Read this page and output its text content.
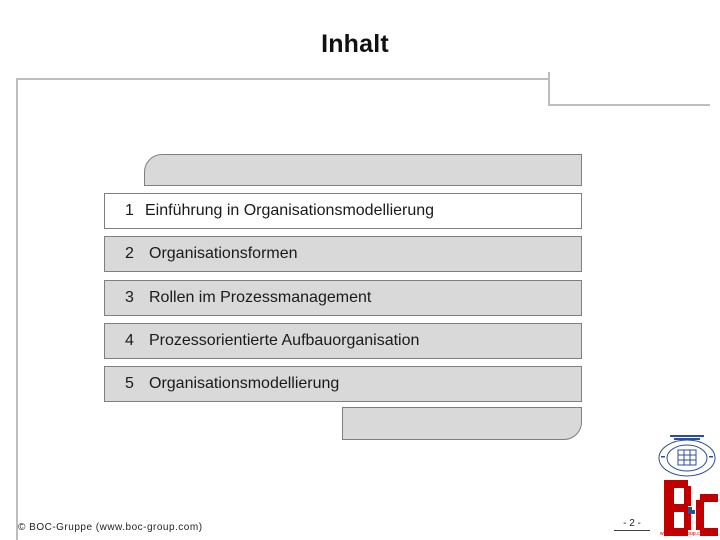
Inhalt
1 Einführung in Organisationsmodellierung
2 Organisationsformen
3 Rollen im Prozessmanagement
4 Prozessorientierte Aufbauorganisation
5 Organisationsmodellierung
© BOC-Gruppe (www.boc-group.com)	- 2 -
www.boc-group.com
